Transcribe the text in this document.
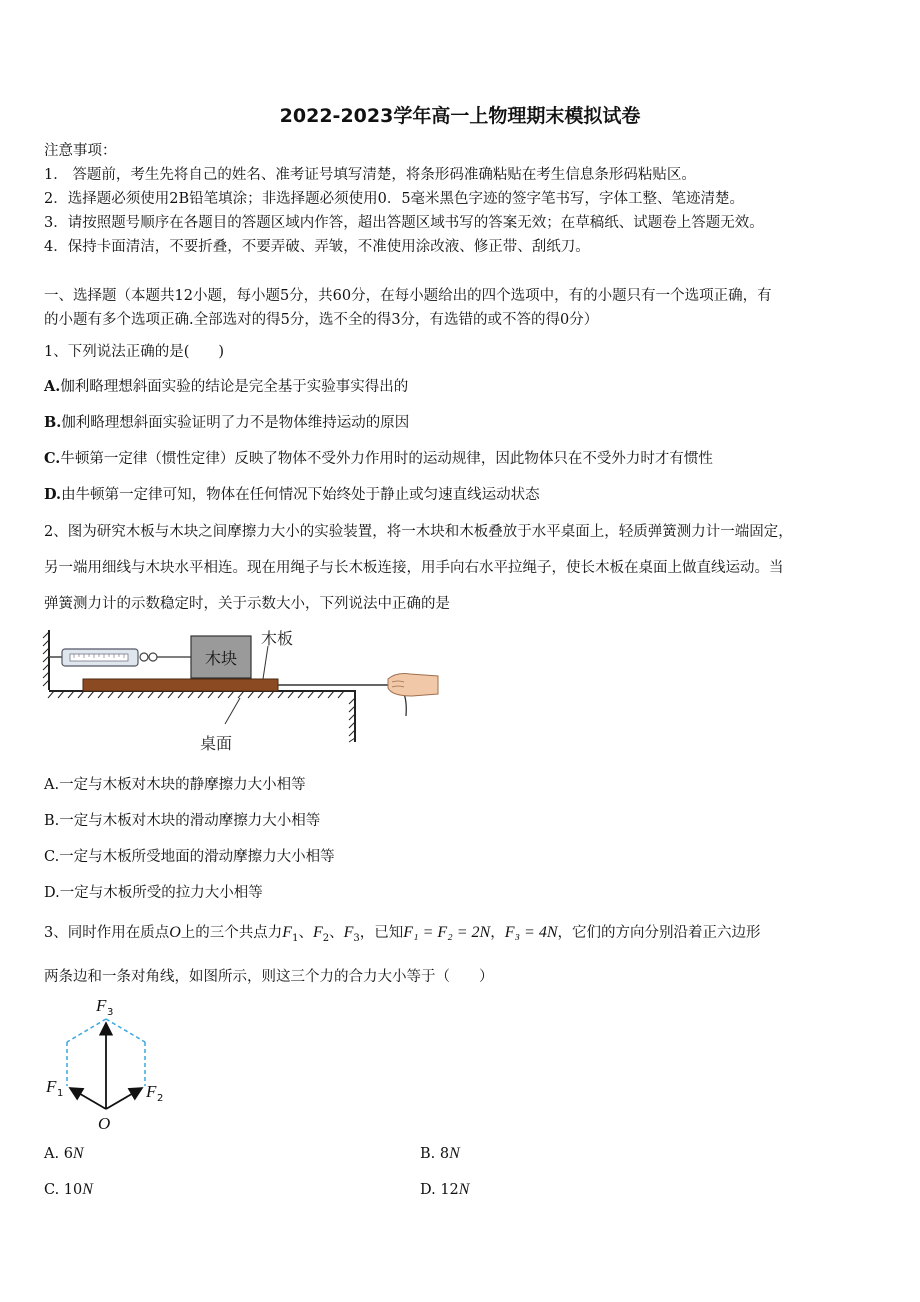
2022-2023学年高一上物理期末模拟试卷
注意事项：
1． 答题前，考生先将自己的姓名、准考证号填写清楚，将条形码准确粘贴在考生信息条形码粘贴区。
2．选择题必须使用2B铅笔填涂；非选择题必须使用0．5毫米黑色字迹的签字笔书写，字体工整、笔迹清楚。
3．请按照题号顺序在各题目的答题区域内作答，超出答题区域书写的答案无效；在草稿纸、试题卷上答题无效。
4．保持卡面清洁，不要折叠，不要弄破、弄皱，不准使用涂改液、修正带、刮纸刀。
一、选择题（本题共12小题，每小题5分，共60分，在每小题给出的四个选项中，有的小题只有一个选项正确，有
的小题有多个选项正确.全部选对的得5分，选不全的得3分，有选错的或不答的得0分）
1、下列说法正确的是(　　)
A.伽利略理想斜面实验的结论是完全基于实验事实得出的
B.伽利略理想斜面实验证明了力不是物体维持运动的原因
C.牛顿第一定律（惯性定律）反映了物体不受外力作用时的运动规律，因此物体只在不受外力时才有惯性
D.由牛顿第一定律可知，物体在任何情况下始终处于静止或匀速直线运动状态
2、图为研究木板与木块之间摩擦力大小的实验装置，将一木块和木板叠放于水平桌面上，轻质弹簧测力计一端固定，
另一端用细线与木块水平相连。现在用绳子与长木板连接，用手向右水平拉绳子，使长木板在桌面上做直线运动。当
弹簧测力计的示数稳定时，关于示数大小，下列说法中正确的是
木块
木板
桌面
A.一定与木板对木块的静摩擦力大小相等
B.一定与木板对木块的滑动摩擦力大小相等
C.一定与木板所受地面的滑动摩擦力大小相等
D.一定与木板所受的拉力大小相等
3、同时作用在质点O上的三个共点力$F_1$、$F_2$、$F_3$，已知F₁ = F₂ = 2N，F₃ = 4N，它们的方向分别沿着正六边形
两条边和一条对角线，如图所示，则这三个力的合力大小等于（　　）
F 3
F 1	F 2
O
A. 6N	B. 8N
C. 10N	D. 12N
